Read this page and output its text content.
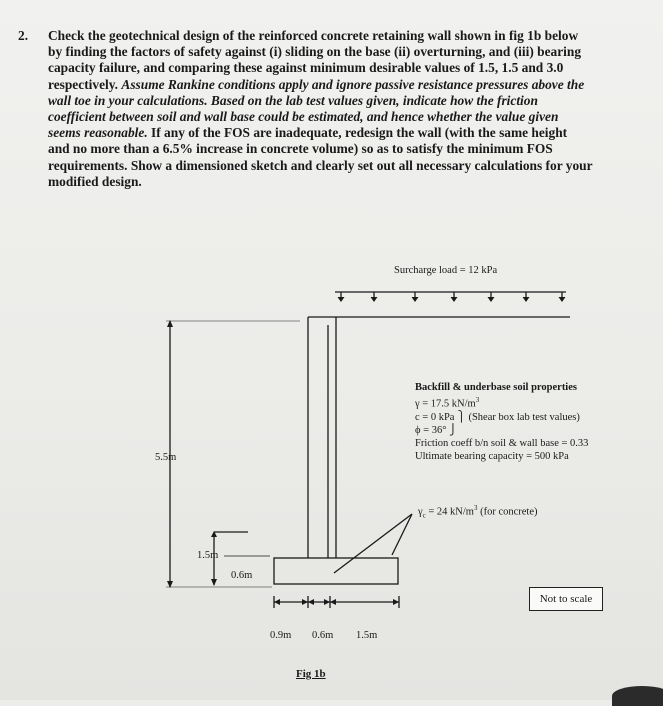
2. Check the geotechnical design of the reinforced concrete retaining wall shown in fig 1b below
by finding the factors of safety against (i) sliding on the base (ii) overturning, and (iii) bearing
capacity failure, and comparing these against minimum desirable values of 1.5, 1.5 and 3.0
respectively. Assume Rankine conditions apply and ignore passive resistance pressures above the
wall toe in your calculations. Based on the lab test values given, indicate how the friction
coefficient between soil and wall base could be estimated, and hence whether the value given
seems reasonable. If any of the FOS are inadequate, redesign the wall (with the same height
and no more than a 6.5% increase in concrete volume) so as to satisfy the minimum FOS
requirements. Show a dimensioned sketch and clearly set out all necessary calculations for your
modified design.
Surcharge load = 12 kPa
5.5m
1.5m
0.6m
0.9m 0.6m 1.5m
Backfill & underbase soil properties
γ = 17.5 $kN/m^3$
c = 0 kPa ⎫ (Shear box lab test values)
ϕ = 36° ⎭
Friction coeff b/n soil & wall base = 0.33
Ultimate bearing capacity = 500 kPa
$\gamma_c = 24$ $kN/m^3$ (for concrete)
Not to scale
Fig 1b
